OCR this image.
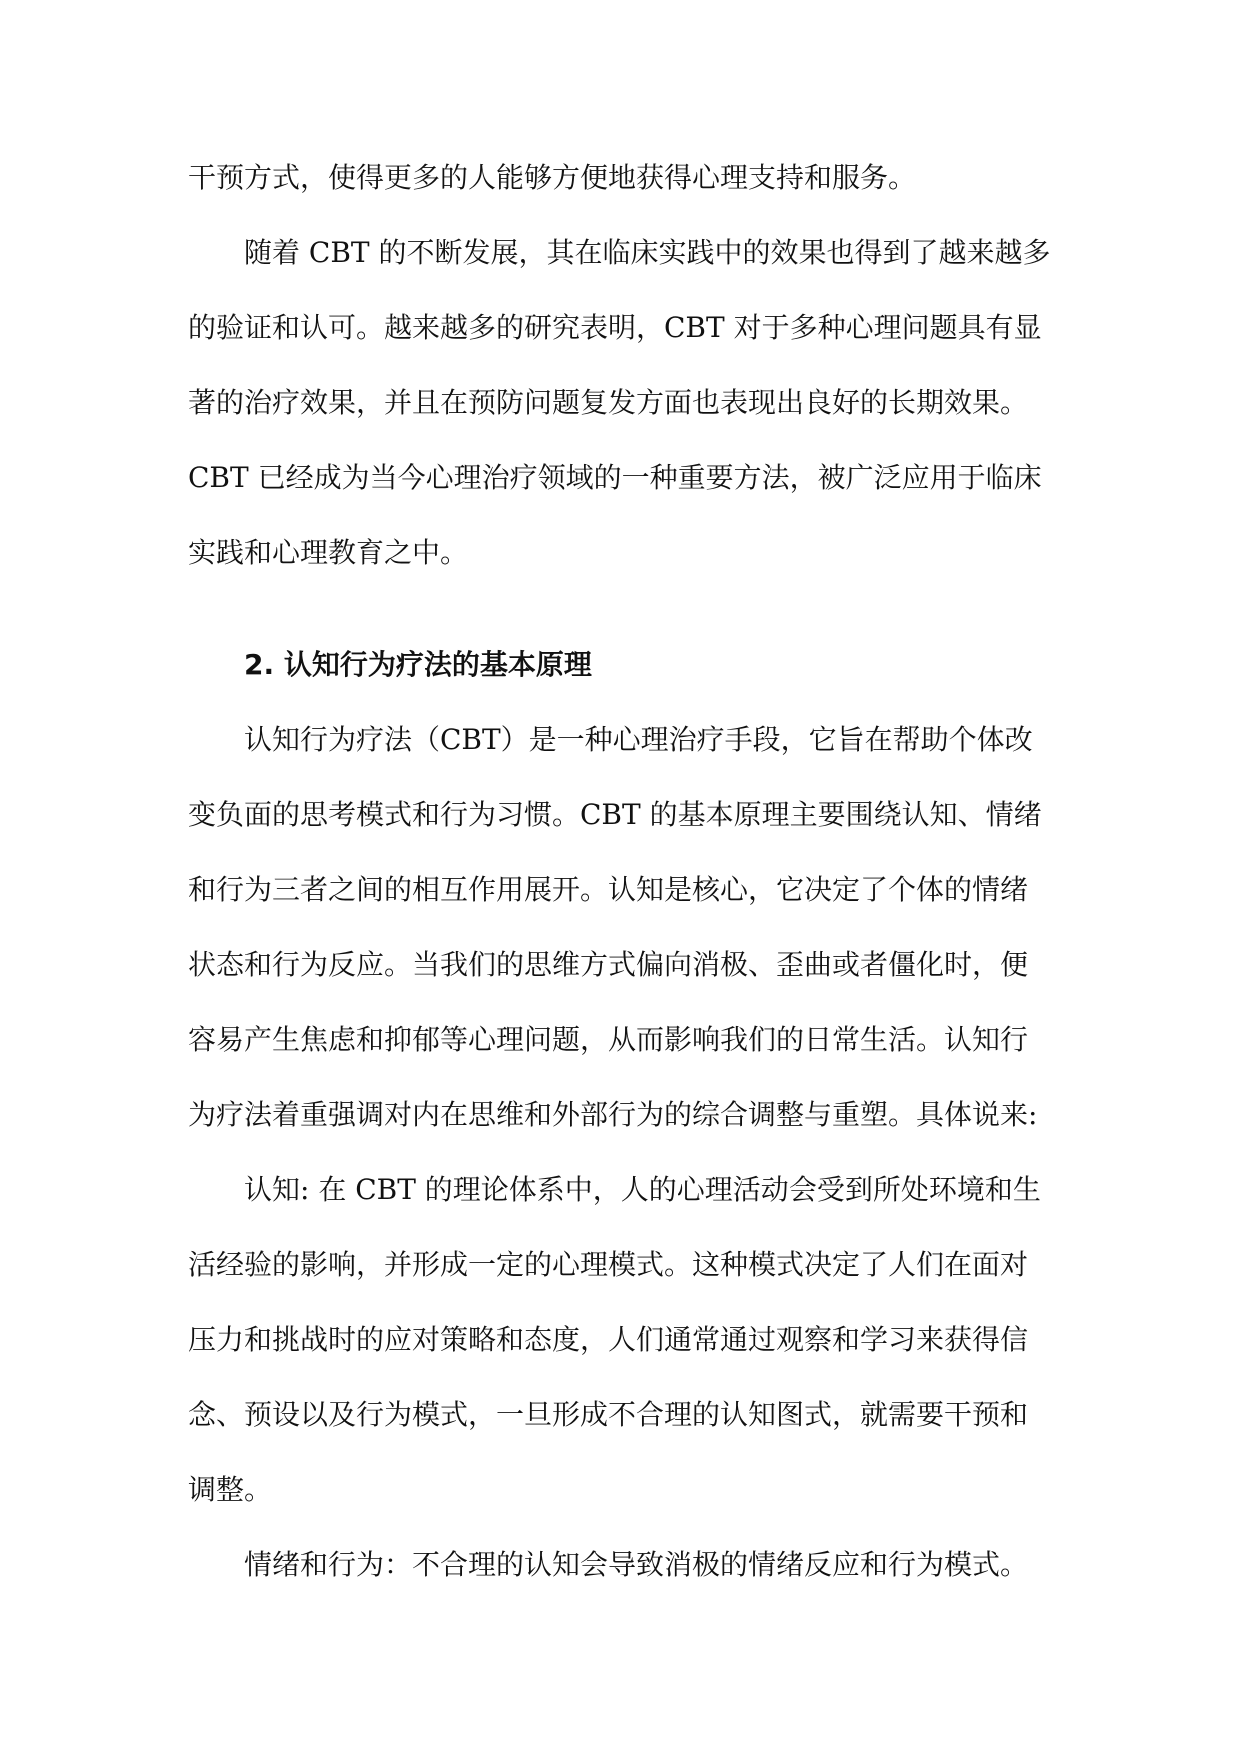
干预方式，使得更多的人能够方便地获得心理支持和服务。
随着 CBT 的不断发展，其在临床实践中的效果也得到了越来越多
的验证和认可。越来越多的研究表明，CBT 对于多种心理问题具有显
著的治疗效果，并且在预防问题复发方面也表现出良好的长期效果。
CBT 已经成为当今心理治疗领域的一种重要方法，被广泛应用于临床
实践和心理教育之中。
2. 认知行为疗法的基本原理
认知行为疗法（CBT）是一种心理治疗手段，它旨在帮助个体改
变负面的思考模式和行为习惯。CBT 的基本原理主要围绕认知、情绪
和行为三者之间的相互作用展开。认知是核心，它决定了个体的情绪
状态和行为反应。当我们的思维方式偏向消极、歪曲或者僵化时，便
容易产生焦虑和抑郁等心理问题，从而影响我们的日常生活。认知行
为疗法着重强调对内在思维和外部行为的综合调整与重塑。具体说来:
认知: 在 CBT 的理论体系中，人的心理活动会受到所处环境和生
活经验的影响，并形成一定的心理模式。这种模式决定了人们在面对
压力和挑战时的应对策略和态度，人们通常通过观察和学习来获得信
念、预设以及行为模式，一旦形成不合理的认知图式，就需要干预和
调整。
情绪和行为：不合理的认知会导致消极的情绪反应和行为模式。
